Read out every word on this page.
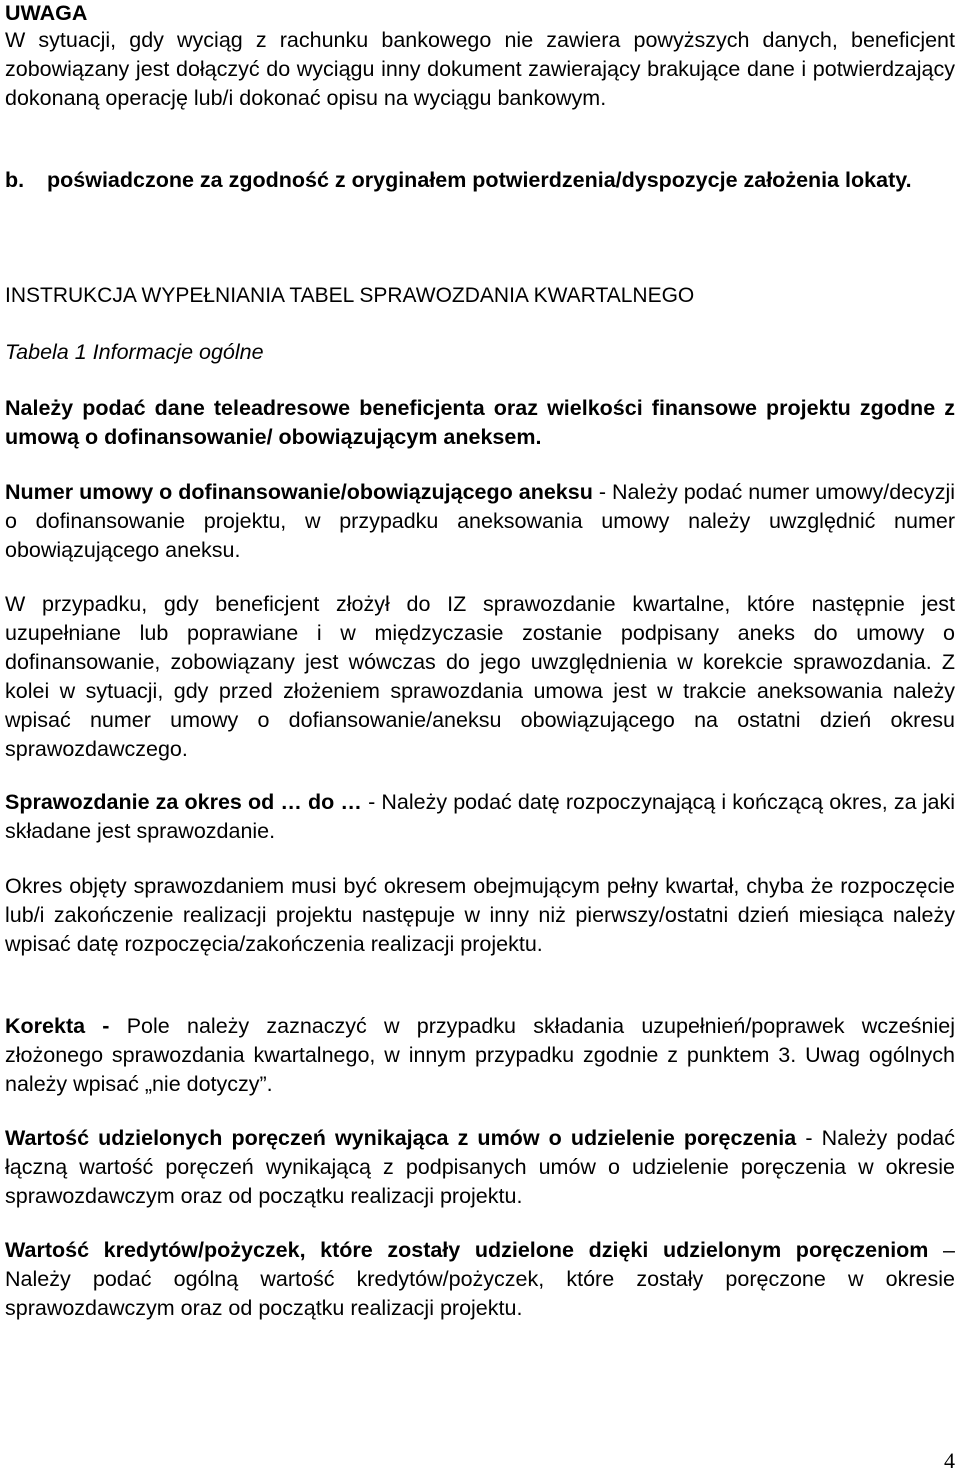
UWAGA
W sytuacji, gdy wyciąg z rachunku bankowego nie zawiera powyższych danych, beneficjent zobowiązany jest dołączyć do wyciągu inny dokument zawierający brakujące dane i potwierdzający dokonaną operację lub/i dokonać opisu na wyciągu bankowym.
b.	poświadczone za zgodność z oryginałem potwierdzenia/dyspozycje założenia lokaty.
INSTRUKCJA WYPEŁNIANIA TABEL SPRAWOZDANIA KWARTALNEGO
Tabela 1 Informacje ogólne
Należy podać dane teleadresowe beneficjenta oraz wielkości finansowe projektu zgodne z umową o dofinansowanie/ obowiązującym aneksem.
Numer umowy o dofinansowanie/obowiązującego aneksu - Należy podać numer umowy/decyzji o dofinansowanie projektu, w przypadku aneksowania umowy należy uwzględnić numer obowiązującego aneksu.
W przypadku, gdy beneficjent złożył do IZ sprawozdanie kwartalne, które następnie jest uzupełniane lub poprawiane i w międzyczasie zostanie podpisany aneks do umowy o dofinansowanie, zobowiązany jest wówczas do jego uwzględnienia w korekcie sprawozdania. Z kolei w sytuacji, gdy przed złożeniem sprawozdania umowa jest w trakcie aneksowania należy wpisać numer umowy o dofiansowanie/aneksu obowiązującego na ostatni dzień okresu sprawozdawczego.
Sprawozdanie za okres od … do … - Należy podać datę rozpoczynającą i kończącą okres, za jaki składane jest sprawozdanie.
Okres objęty sprawozdaniem musi być okresem obejmującym pełny kwartał, chyba że rozpoczęcie lub/i zakończenie realizacji projektu następuje w inny niż pierwszy/ostatni dzień miesiąca należy wpisać datę rozpoczęcia/zakończenia realizacji projektu.
Korekta - Pole należy zaznaczyć w przypadku składania uzupełnień/poprawek wcześniej złożonego sprawozdania kwartalnego, w innym przypadku zgodnie z punktem 3. Uwag ogólnych należy wpisać „nie dotyczy”.
Wartość udzielonych poręczeń wynikająca z umów o udzielenie poręczenia - Należy podać łączną wartość poręczeń wynikającą z podpisanych umów o udzielenie poręczenia w okresie sprawozdawczym oraz od początku realizacji projektu.
Wartość kredytów/pożyczek, które zostały udzielone dzięki udzielonym poręczeniom – Należy podać ogólną wartość kredytów/pożyczek, które zostały poręczone w okresie sprawozdawczym oraz od początku realizacji projektu.
4
